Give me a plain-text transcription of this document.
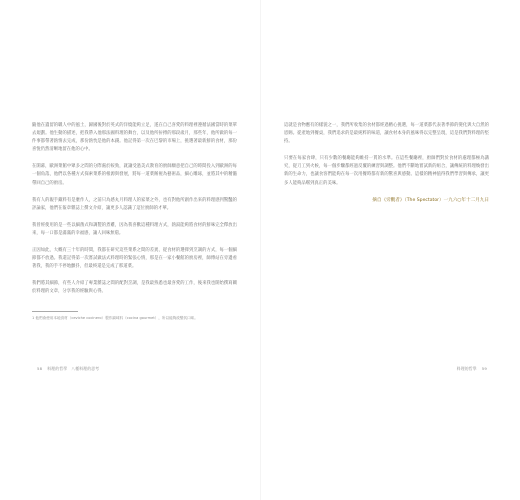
隨他在遺留的職人中的風土，歸國後對於英式的洋燒能夠立足，遂在自己喜愛的料理裡遵循法國當時的菜單去規劃。他生動的描述，把我帶入他那法國料理的舞台，以及他所拚搏的那段歲月，那些年，他所做的每一件事都帶著熱情去完成，那份熱忱是他的本錢。他記得第一次在巴黎的市場上，挑選著最新鮮的食材，那份喜悅仍然清晰地留在他的心中。

在開幕，歐洲菜館中眾多之間的分際處於較勁，就讓受過美式教育的廚師願意把自己的時間投入到歐洲的每一個角落，他們以各種方式探索菜系的根源與發展，將每一道菜餚視為藝術品，細心雕琢，並將其中的精髓帶回自己的廚房。

我有人的親手藏料有是麼作人，之前只為感丸月料理人的家菜之外，也有對他所創作出來的料理感到驚豔的評論家，他們在報章雜誌上撰文介紹，讓更多人認識了這位廚師的才華。

我曾經使用的是一些以細菌式和調製的煮雞，因為我喜歡這種料理方式，熱湯能夠將食材的鮮味完全釋放出來，每一口都是滿滿的幸福感，讓人回味無窮。

正因如此，大概有三十年的時間，我都在研究這些菜系之間的差異，從食材的選擇到烹調的方式，每一個細節都不放過。我還記得第一次嘗試做法式料理時的緊張心情，那是在一家小餐館的廚房裡，師傅站在旁邊看著我，我的手不停地顫抖，但最終還是完成了那道菜。

我們將其細節，有些人介紹了專業雜誌之間的配對烹調，是我最熟悉也最喜愛的工作，後來我也開始撰寫關於料理的文章，分享我的經驗與心得。

1 他們會使用本地食材（ceviche cocinero）製作調味料（cocina gourmet），所以能夠改變其口味。

58 料理的哲學　八種料理的思考

這就是食物應有的樣貌之一，我們所收集的食材都經過精心挑選，每一道菜都代表著季節的變化與大自然的恩賜。從產地到餐桌，我們追求的是最純粹的味道，讓食材本身的風味得以完整呈現，這是我們對料理的堅持。

只要在每家食肆，只有少數的餐廳能夠維持一貫的水準。在這些餐廳裡，廚師們對於食材的處理都極為講究，從刀工到火候，每一個步驟都經過反覆的練習與調整。他們不斷地嘗試新的組合，讓傳統的料理煥發出新的生命力，也讓食客們能夠在每一次用餐時都有新的驚喜與感動。這樣的精神值得我們學習與傳承，讓更多人能夠品嚐到真正的美味。

摘自《旁觀者》（The Spectator）一九六○年十二月九日

料理的哲學 59
